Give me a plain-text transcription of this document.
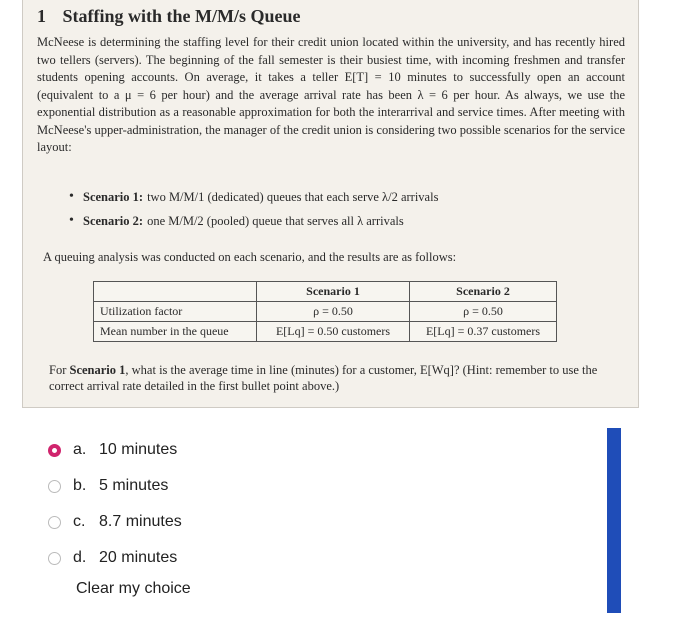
1 Staffing with the M/M/s Queue
McNeese is determining the staffing level for their credit union located within the university, and has recently hired two tellers (servers). The beginning of the fall semester is their busiest time, with incoming freshmen and transfer students opening accounts. On average, it takes a teller E[T] = 10 minutes to successfully open an account (equivalent to a μ = 6 per hour) and the average arrival rate has been λ = 6 per hour. As always, we use the exponential distribution as a reasonable approximation for both the interarrival and service times. After meeting with McNeese's upper-administration, the manager of the credit union is considering two possible scenarios for the service layout:
• Scenario 1: two M/M/1 (dedicated) queues that each serve λ/2 arrivals
• Scenario 2: one M/M/2 (pooled) queue that serves all λ arrivals
A queuing analysis was conducted on each scenario, and the results are as follows:
	Scenario 1	Scenario 2
Utilization factor	ρ = 0.50	ρ = 0.50
Mean number in the queue	E[Lq] = 0.50 customers	E[Lq] = 0.37 customers
For Scenario 1, what is the average time in line (minutes) for a customer, E[Wq]? (Hint: remember to use the correct arrival rate detailed in the first bullet point above.)
a. 10 minutes
b. 5 minutes
c. 8.7 minutes
d. 20 minutes
Clear my choice
